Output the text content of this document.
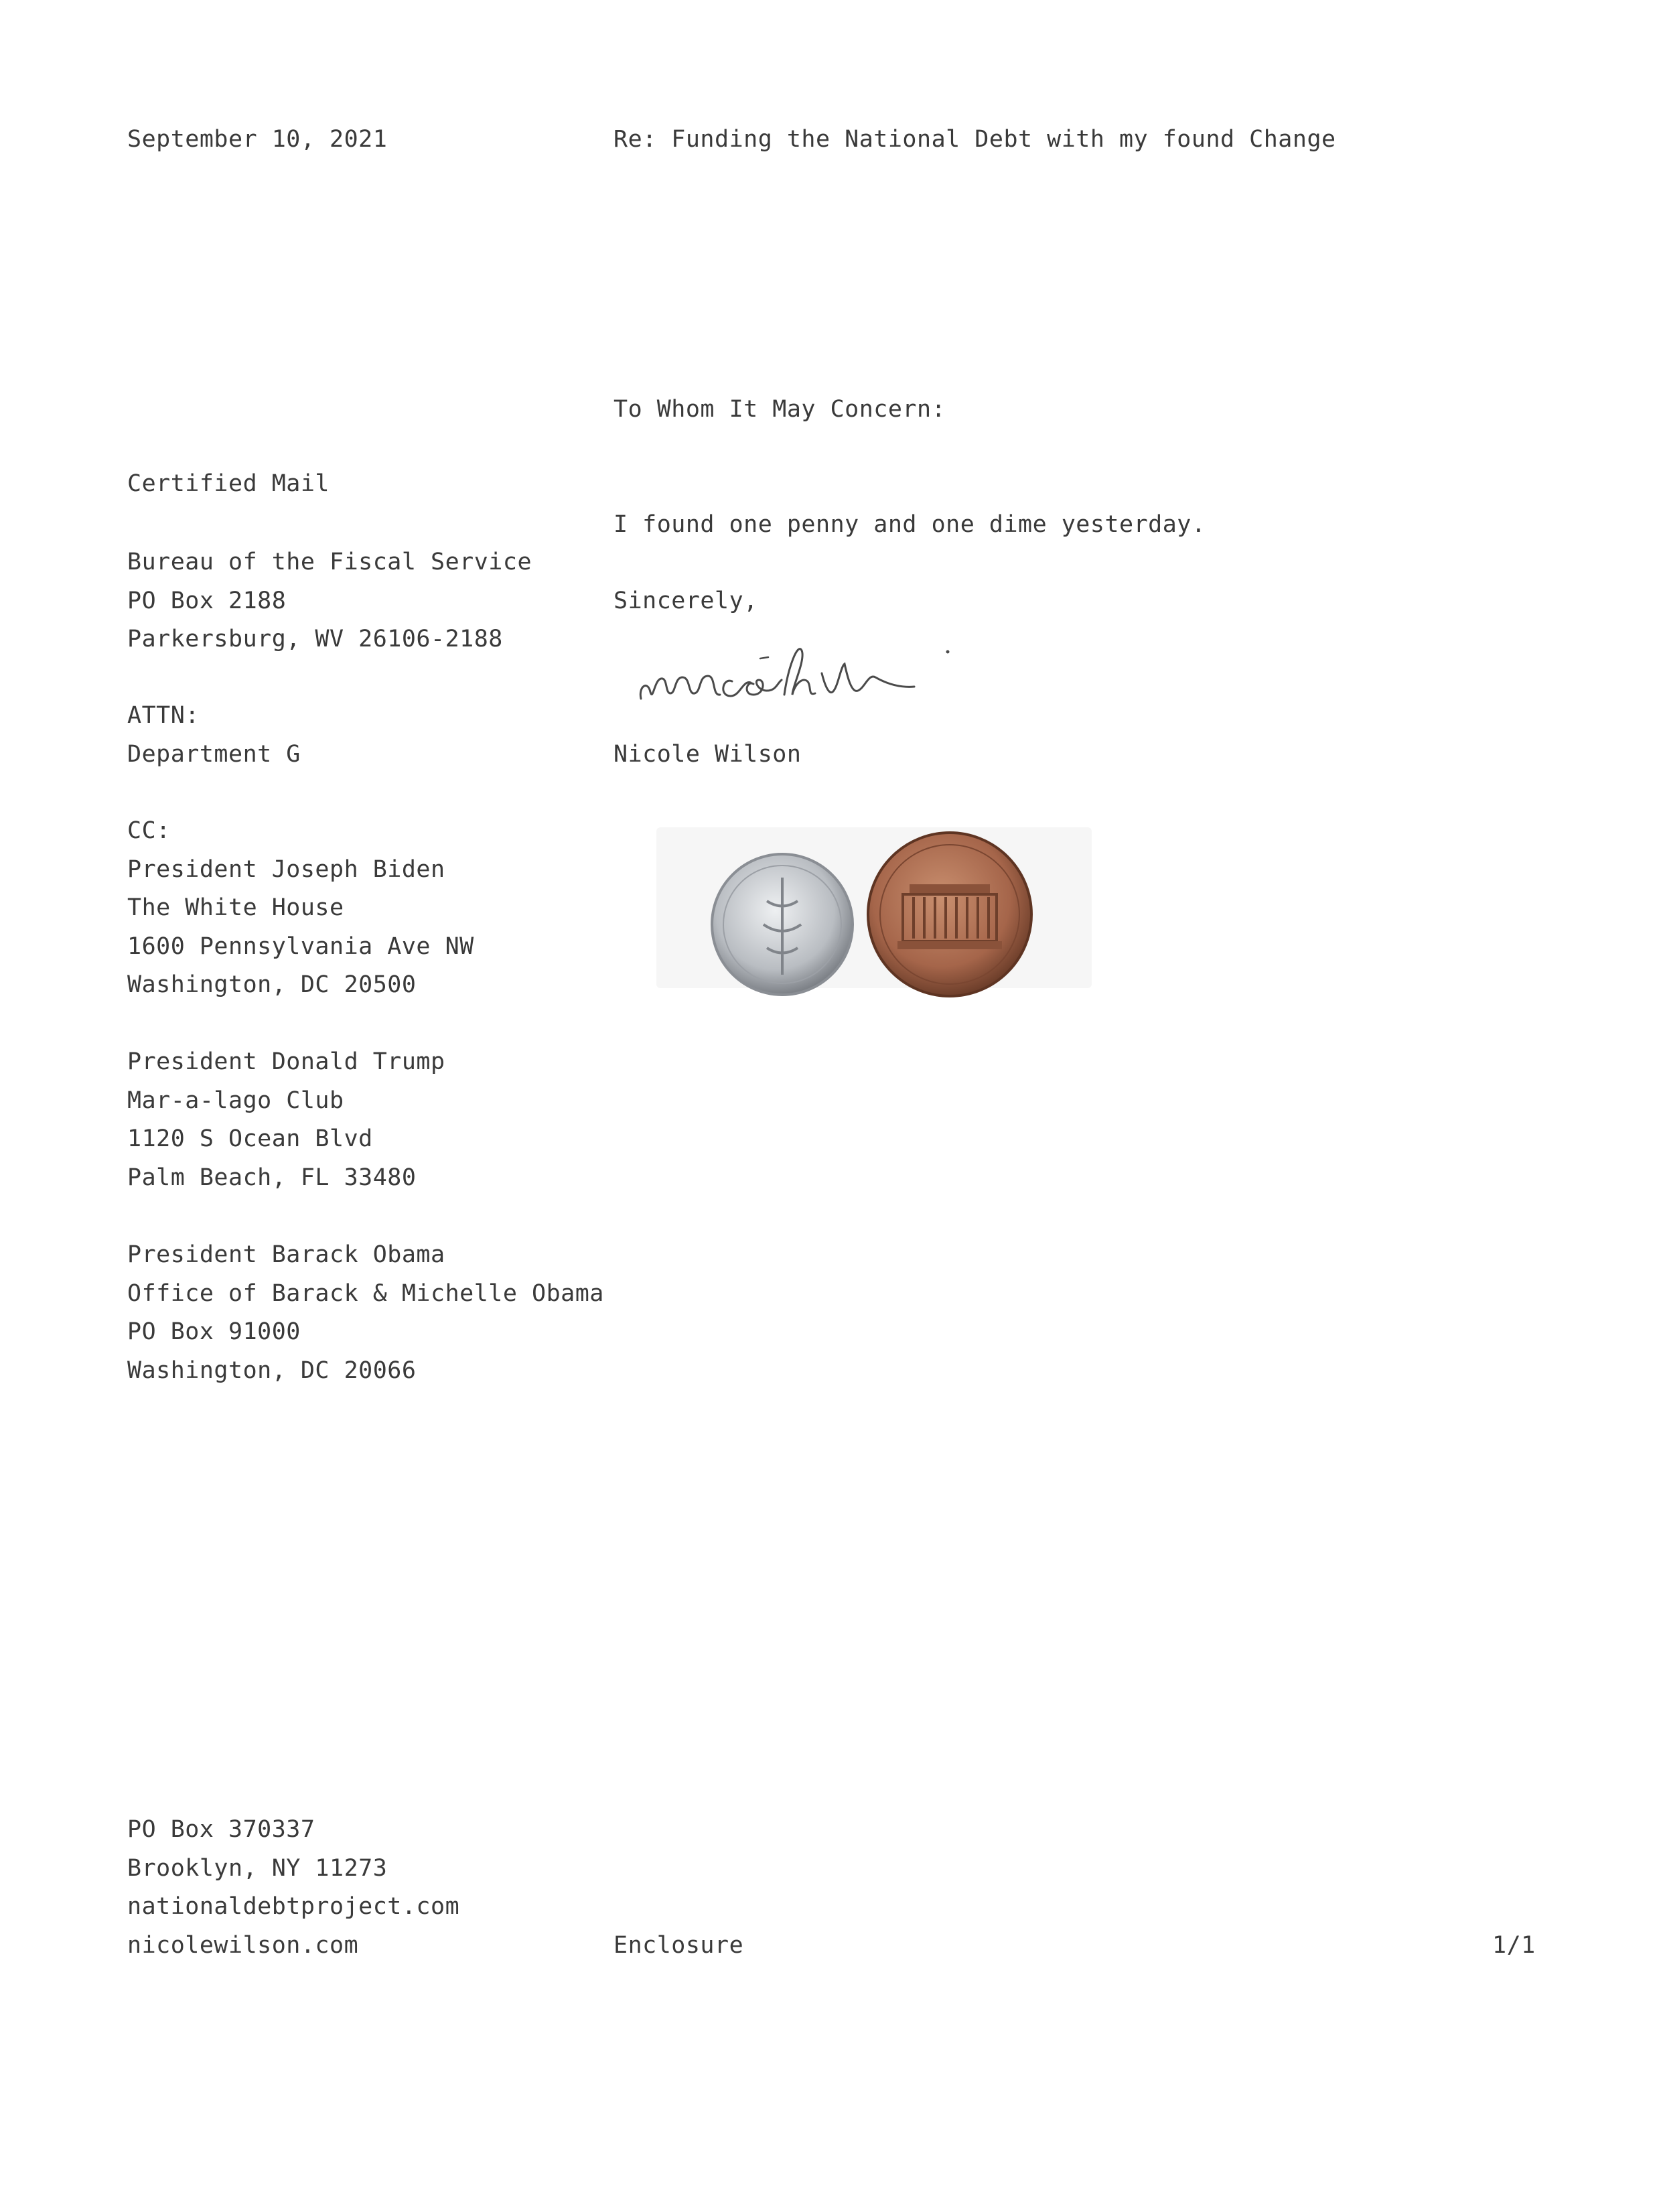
September 10, 2021	Re: Funding the National Debt with my found Change
To Whom It May Concern:
Certified Mail
I found one penny and one dime yesterday.
Bureau of the Fiscal Service
PO Box 2188
Parkersburg, WV 26106-2188
Sincerely,
ATTN:
Department G	Nicole Wilson
CC:
President Joseph Biden
The White House
1600 Pennsylvania Ave NW
Washington, DC 20500
President Donald Trump
Mar-a-lago Club
1120 S Ocean Blvd
Palm Beach, FL 33480
President Barack Obama
Office of Barack & Michelle Obama
PO Box 91000
Washington, DC 20066
PO Box 370337
Brooklyn, NY 11273
nationaldebtproject.com
nicolewilson.com	Enclosure	1/1
